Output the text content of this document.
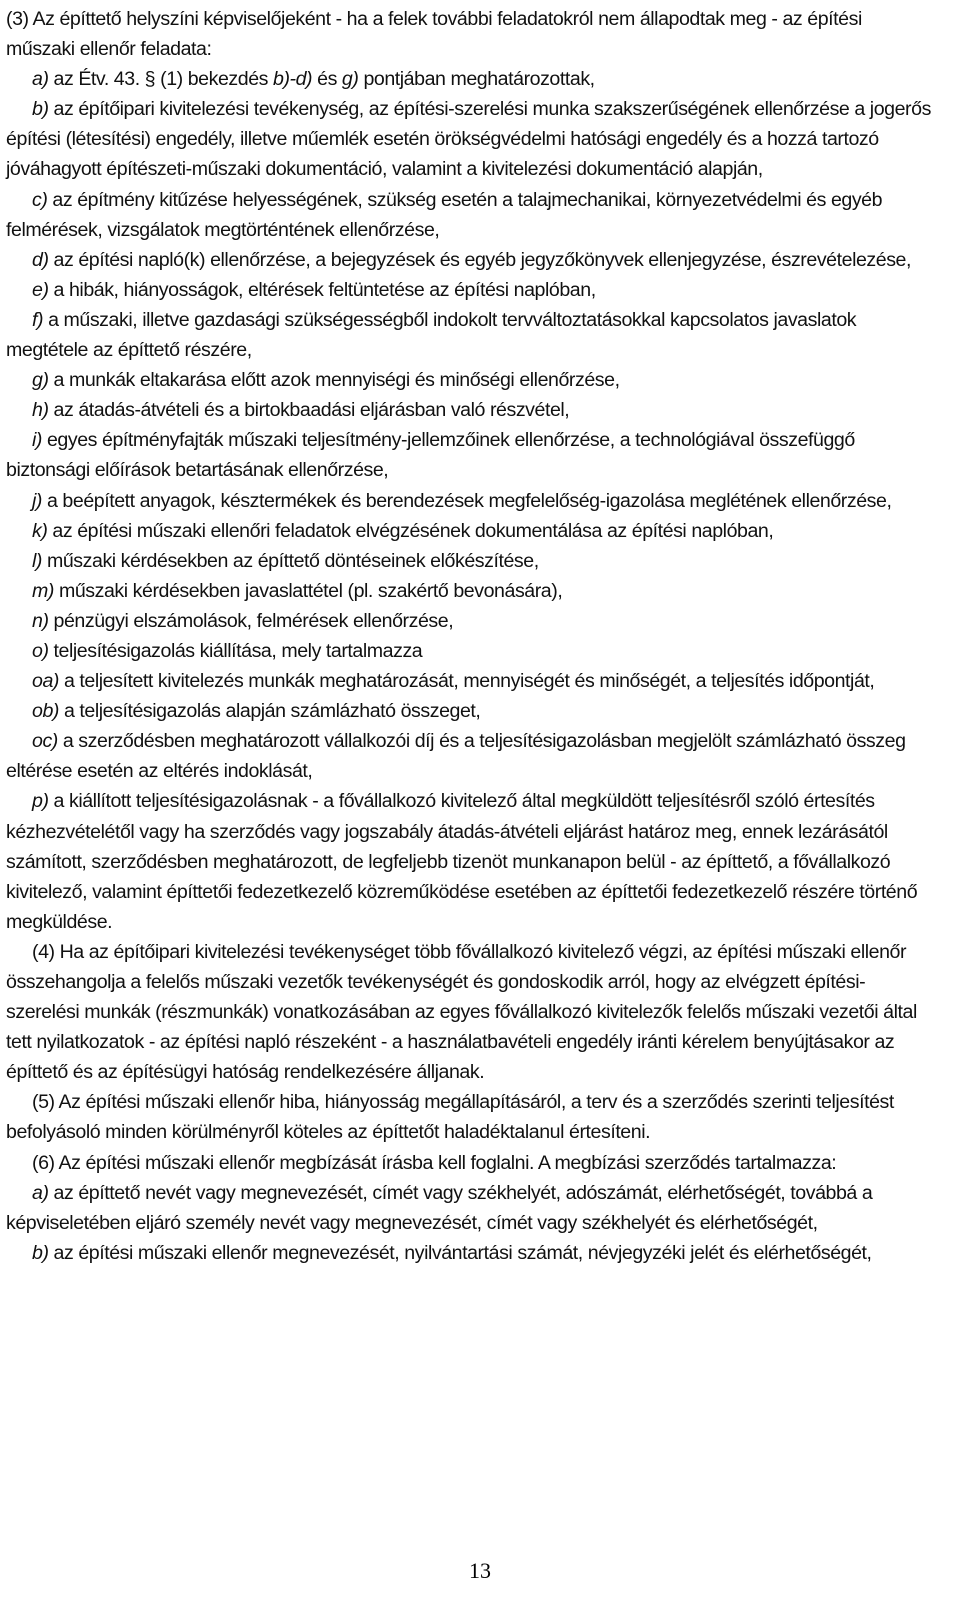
(3) Az építtető helyszíni képviselőjeként - ha a felek további feladatokról nem állapodtak meg - az építési műszaki ellenőr feladata:

a) az Étv. 43. § (1) bekezdés b)-d) és g) pontjában meghatározottak,

b) az építőipari kivitelezési tevékenység, az építési-szerelési munka szakszerűségének ellenőrzése a jogerős építési (létesítési) engedély, illetve műemlék esetén örökségvédelmi hatósági engedély és a hozzá tartozó jóváhagyott építészeti-műszaki dokumentáció, valamint a kivitelezési dokumentáció alapján,

c) az építmény kitűzése helyességének, szükség esetén a talajmechanikai, környezetvédelmi és egyéb felmérések, vizsgálatok megtörténtének ellenőrzése,

d) az építési napló(k) ellenőrzése, a bejegyzések és egyéb jegyzőkönyvek ellenjegyzése, észrevételezése,

e) a hibák, hiányosságok, eltérések feltüntetése az építési naplóban,

f) a műszaki, illetve gazdasági szükségességből indokolt tervváltoztatásokkal kapcsolatos javaslatok megtétele az építtető részére,

g) a munkák eltakarása előtt azok mennyiségi és minőségi ellenőrzése,

h) az átadás-átvételi és a birtokbaadási eljárásban való részvétel,

i) egyes építményfajták műszaki teljesítmény-jellemzőinek ellenőrzése, a technológiával összefüggő biztonsági előírások betartásának ellenőrzése,

j) a beépített anyagok, késztermékek és berendezések megfelelőség-igazolása meglétének ellenőrzése,

k) az építési műszaki ellenőri feladatok elvégzésének dokumentálása az építési naplóban,

l) műszaki kérdésekben az építtető döntéseinek előkészítése,

m) műszaki kérdésekben javaslattétel (pl. szakértő bevonására),

n) pénzügyi elszámolások, felmérések ellenőrzése,

o) teljesítésigazolás kiállítása, mely tartalmazza

oa) a teljesített kivitelezés munkák meghatározását, mennyiségét és minőségét, a teljesítés időpontját,

ob) a teljesítésigazolás alapján számlázható összeget,

oc) a szerződésben meghatározott vállalkozói díj és a teljesítésigazolásban megjelölt számlázható összeg eltérése esetén az eltérés indoklását,

p) a kiállított teljesítésigazolásnak - a fővállalkozó kivitelező által megküldött teljesítésről szóló értesítés kézhezvételétől vagy ha szerződés vagy jogszabály átadás-átvételi eljárást határoz meg, ennek lezárásától számított, szerződésben meghatározott, de legfeljebb tizenöt munkanapon belül - az építtető, a fővállalkozó kivitelező, valamint építtetői fedezetkezelő közreműködése esetében az építtetői fedezetkezelő részére történő megküldése.

(4) Ha az építőipari kivitelezési tevékenységet több fővállalkozó kivitelező végzi, az építési műszaki ellenőr összehangolja a felelős műszaki vezetők tevékenységét és gondoskodik arról, hogy az elvégzett építési-szerelési munkák (részmunkák) vonatkozásában az egyes fővállalkozó kivitelezők felelős műszaki vezetői által tett nyilatkozatok - az építési napló részeként - a használatbavételi engedély iránti kérelem benyújtásakor az építtető és az építésügyi hatóság rendelkezésére álljanak.

(5) Az építési műszaki ellenőr hiba, hiányosság megállapításáról, a terv és a szerződés szerinti teljesítést befolyásoló minden körülményről köteles az építtetőt haladéktalanul értesíteni.

(6) Az építési műszaki ellenőr megbízását írásba kell foglalni. A megbízási szerződés tartalmazza:

a) az építtető nevét vagy megnevezését, címét vagy székhelyét, adószámát, elérhetőségét, továbbá a képviseletében eljáró személy nevét vagy megnevezését, címét vagy székhelyét és elérhetőségét,

b) az építési műszaki ellenőr megnevezését, nyilvántartási számát, névjegyzéki jelét és elérhetőségét,

13
